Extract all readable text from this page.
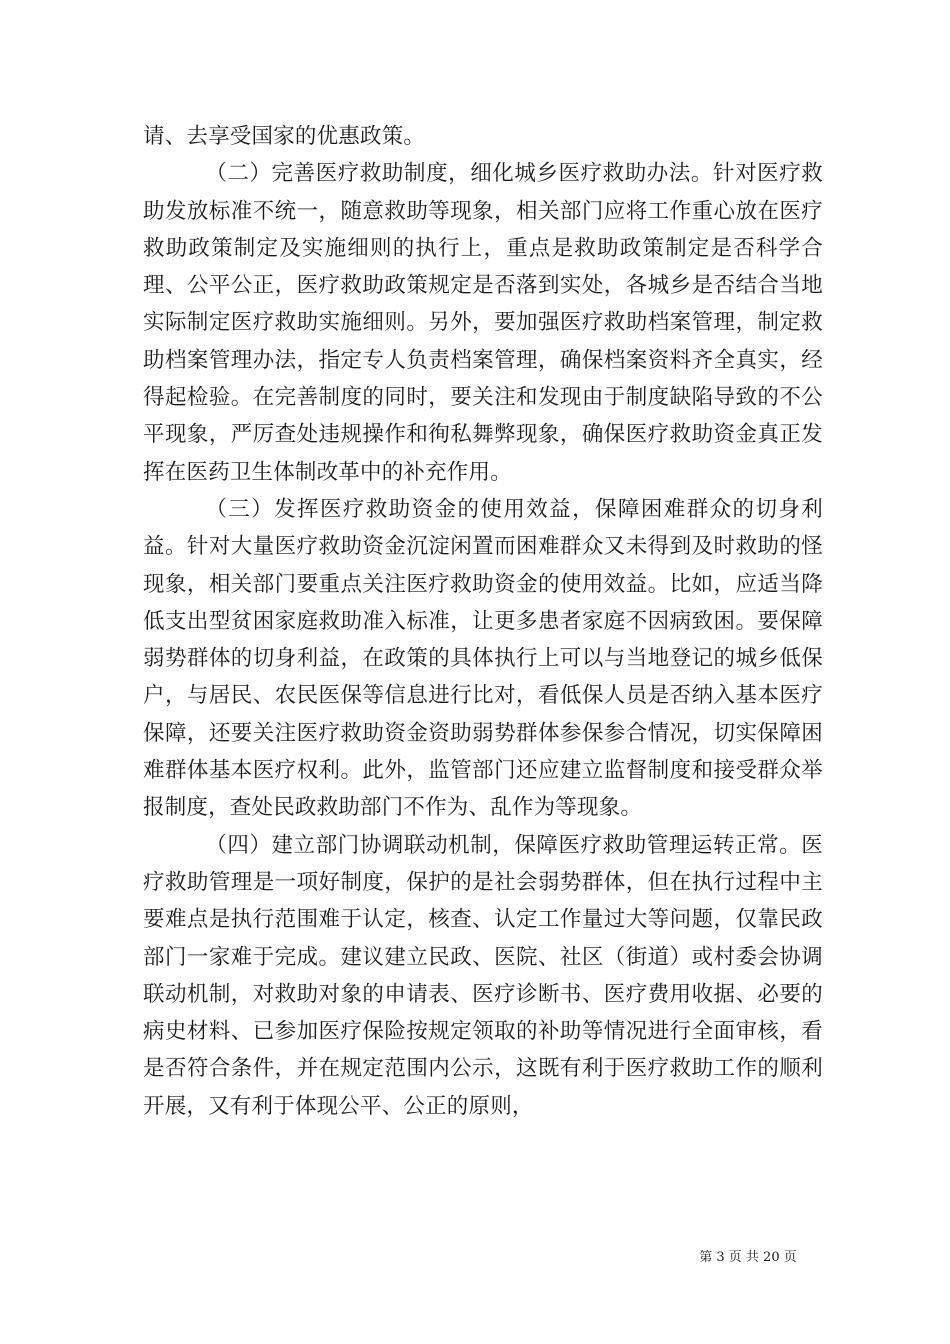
请、去享受国家的优惠政策。

（二）完善医疗救助制度，细化城乡医疗救助办法。针对医疗救助发放标准不统一，随意救助等现象，相关部门应将工作重心放在医疗救助政策制定及实施细则的执行上，重点是救助政策制定是否科学合理、公平公正，医疗救助政策规定是否落到实处，各城乡是否结合当地实际制定医疗救助实施细则。另外，要加强医疗救助档案管理，制定救助档案管理办法，指定专人负责档案管理，确保档案资料齐全真实，经得起检验。在完善制度的同时，要关注和发现由于制度缺陷导致的不公平现象，严厉查处违规操作和徇私舞弊现象，确保医疗救助资金真正发挥在医药卫生体制改革中的补充作用。

（三）发挥医疗救助资金的使用效益，保障困难群众的切身利益。针对大量医疗救助资金沉淀闲置而困难群众又未得到及时救助的怪现象，相关部门要重点关注医疗救助资金的使用效益。比如，应适当降低支出型贫困家庭救助准入标准，让更多患者家庭不因病致困。要保障弱势群体的切身利益，在政策的具体执行上可以与当地登记的城乡低保户，与居民、农民医保等信息进行比对，看低保人员是否纳入基本医疗保障，还要关注医疗救助资金资助弱势群体参保参合情况，切实保障困难群体基本医疗权利。此外，监管部门还应建立监督制度和接受群众举报制度，查处民政救助部门不作为、乱作为等现象。

（四）建立部门协调联动机制，保障医疗救助管理运转正常。医疗救助管理是一项好制度，保护的是社会弱势群体，但在执行过程中主要难点是执行范围难于认定，核查、认定工作量过大等问题，仅靠民政部门一家难于完成。建议建立民政、医院、社区（街道）或村委会协调联动机制，对救助对象的申请表、医疗诊断书、医疗费用收据、必要的病史材料、已参加医疗保险按规定领取的补助等情况进行全面审核，看是否符合条件，并在规定范围内公示，这既有利于医疗救助工作的顺利开展，又有利于体现公平、公正的原则，

第 3 页 共 20 页
